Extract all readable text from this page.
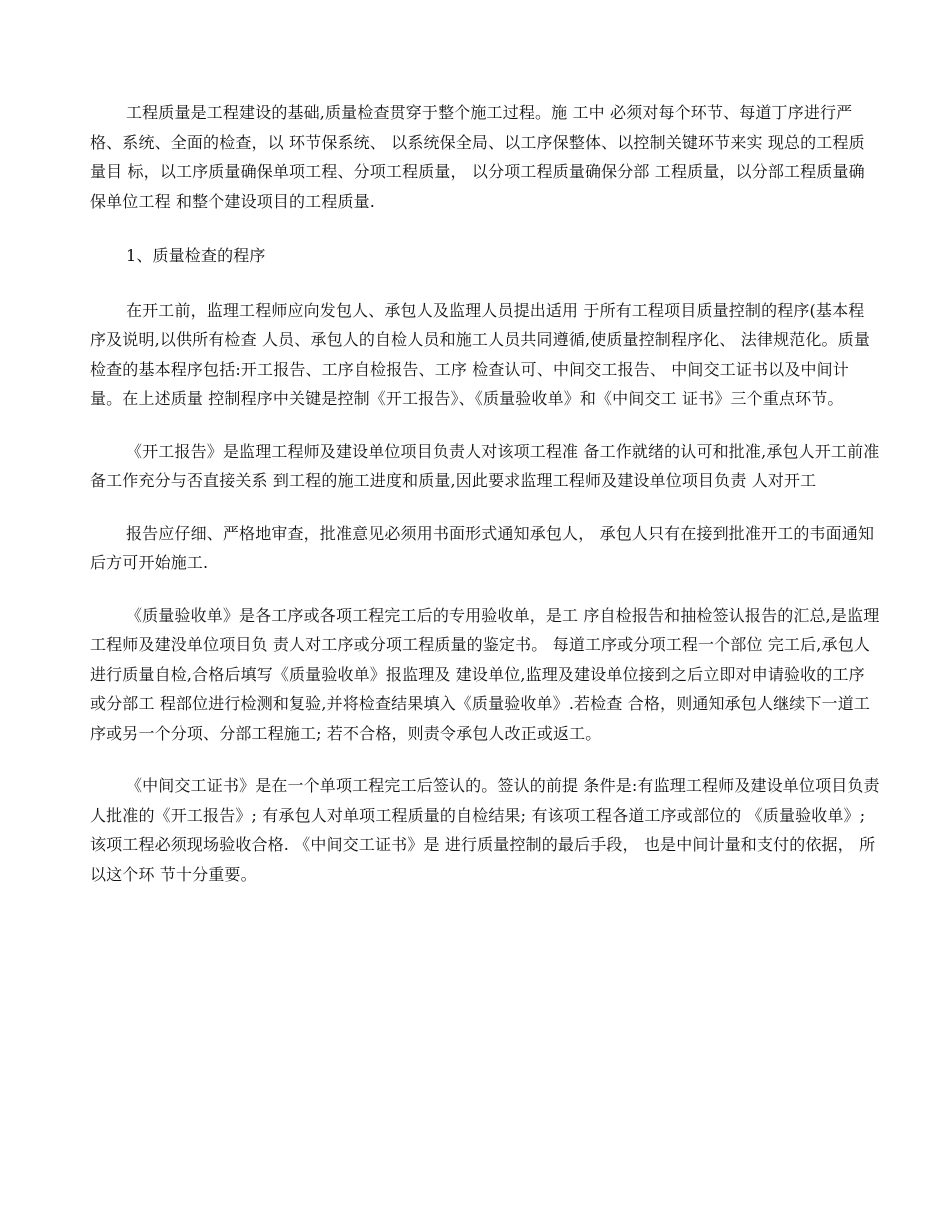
工程质量是工程建设的基础,质量检查贯穿于整个施工过程。施 工中 必须对每个环节、每道丁序进行严格、系统、全面的检查，以 环节保系统、 以系统保全局、以工序保整体、以控制关键环节来实 现总的工程质量目 标，以工序质量确保单项工程、分项工程质量， 以分项工程质量确保分部 工程质量，以分部工程质量确保单位工程 和整个建设项目的工程质量.

1、质量检查的程序

在开工前，监理工程师应向发包人、承包人及监理人员提出适用 于所有工程项目质量控制的程序(基本程序及说明,以供所有检查 人员、承包人的自检人员和施工人员共同遵循,使质量控制程序化、 法律规范化。质量检查的基本程序包括:开工报告、工序自检报告、工序 检查认可、中间交工报告、 中间交工证书以及中间计量。在上述质量 控制程序中关键是控制《开工报告》、《质量验收单》和《中间交工 证书》三个重点环节。

《开工报告》是监理工程师及建设单位项目负责人对该项工程准 备工作就绪的认可和批准,承包人开工前准备工作充分与否直接关系 到工程的施工进度和质量,因此要求监理工程师及建设单位项目负责 人对开工

报告应仔细、严格地审查，批准意见必须用书面形式通知承包人， 承包人只有在接到批准开工的韦面通知后方可开始施工.

《质量验收单》是各工序或各项工程完工后的专用验收单，是工 序自检报告和抽检签认报告的汇总,是监理工程师及建没单位项目负 责人对工序或分项工程质量的鉴定书。 每道工序或分项工程一个部位 完工后,承包人进行质量自检,合格后填写《质量验收单》报监理及 建设单位,监理及建设单位接到之后立即对申请验收的工序或分部工 程部位进行检测和复验,并将检查结果填入《质量验收单》.若检查 合格，则通知承包人继续下一道工序或另一个分项、分部工程施工; 若不合格，则责令承包人改正或返工。

《中间交工证书》是在一个单项工程完工后签认的。签认的前提 条件是:有监理工程师及建设单位项目负责人批准的《开工报告》; 有承包人对单项工程质量的自检结果; 有该项工程各道工序或部位的 《质量验收单》;该项工程必须现场验收合格. 《中间交工证书》是 进行质量控制的最后手段， 也是中间计量和支付的依据， 所以这个环 节十分重要。
